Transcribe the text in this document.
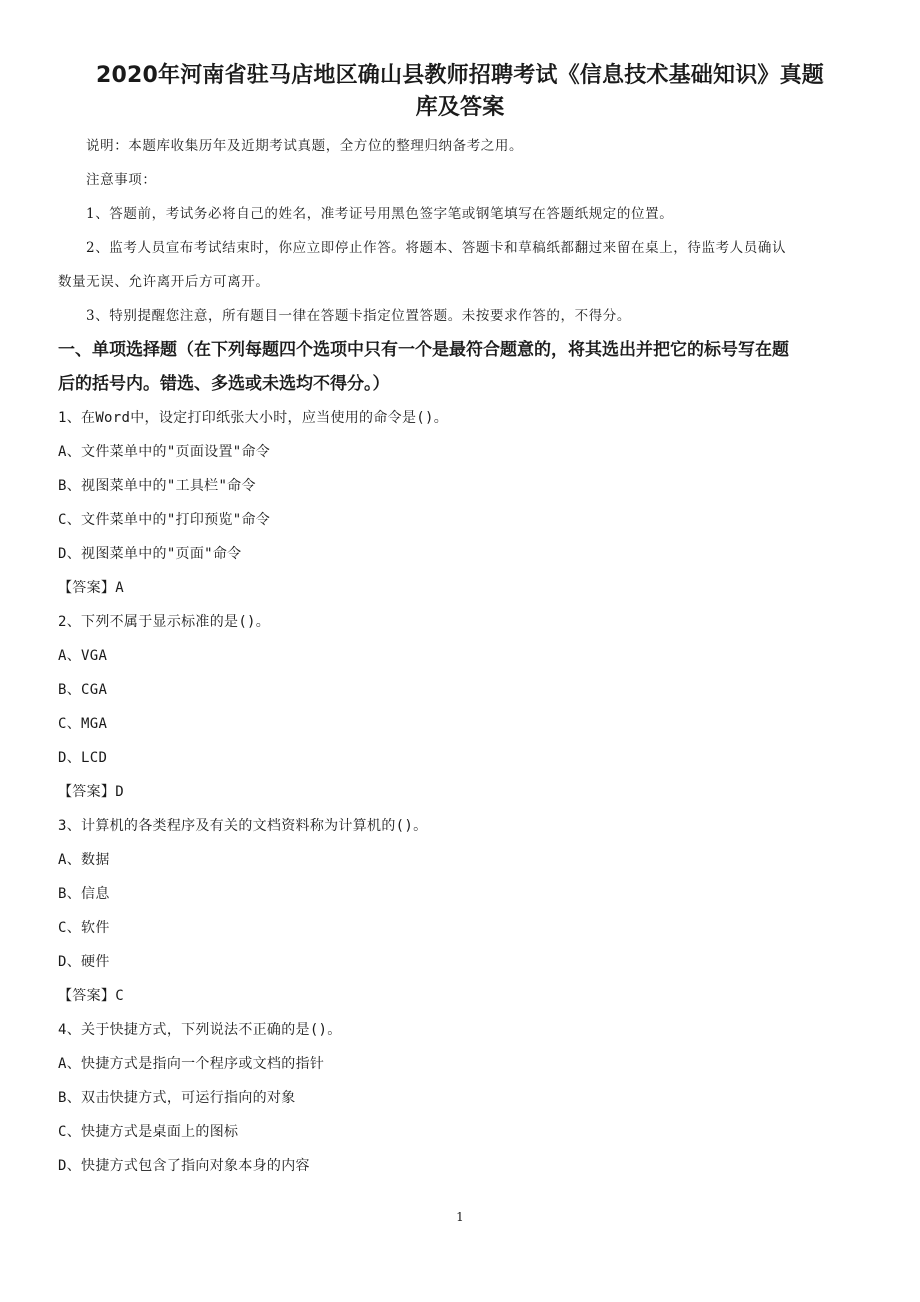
2020年河南省驻马店地区确山县教师招聘考试《信息技术基础知识》真题
库及答案
说明：本题库收集历年及近期考试真题，全方位的整理归纳备考之用。
注意事项：
1、答题前，考试务必将自己的姓名，准考证号用黑色签字笔或钢笔填写在答题纸规定的位置。
2、监考人员宣布考试结束时，你应立即停止作答。将题本、答题卡和草稿纸都翻过来留在桌上，待监考人员确认
数量无误、允许离开后方可离开。
3、特别提醒您注意，所有题目一律在答题卡指定位置答题。未按要求作答的，不得分。
一、单项选择题（在下列每题四个选项中只有一个是最符合题意的，将其选出并把它的标号写在题
后的括号内。错选、多选或未选均不得分。）
1、在Word中，设定打印纸张大小时，应当使用的命令是()。
A、文件菜单中的"页面设置"命令
B、视图菜单中的"工具栏"命令
C、文件菜单中的"打印预览"命令
D、视图菜单中的"页面"命令
【答案】A
2、下列不属于显示标准的是()。
A、VGA
B、CGA
C、MGA
D、LCD
【答案】D
3、计算机的各类程序及有关的文档资料称为计算机的()。
A、数据
B、信息
C、软件
D、硬件
【答案】C
4、关于快捷方式，下列说法不正确的是()。
A、快捷方式是指向一个程序或文档的指针
B、双击快捷方式，可运行指向的对象
C、快捷方式是桌面上的图标
D、快捷方式包含了指向对象本身的内容
1
